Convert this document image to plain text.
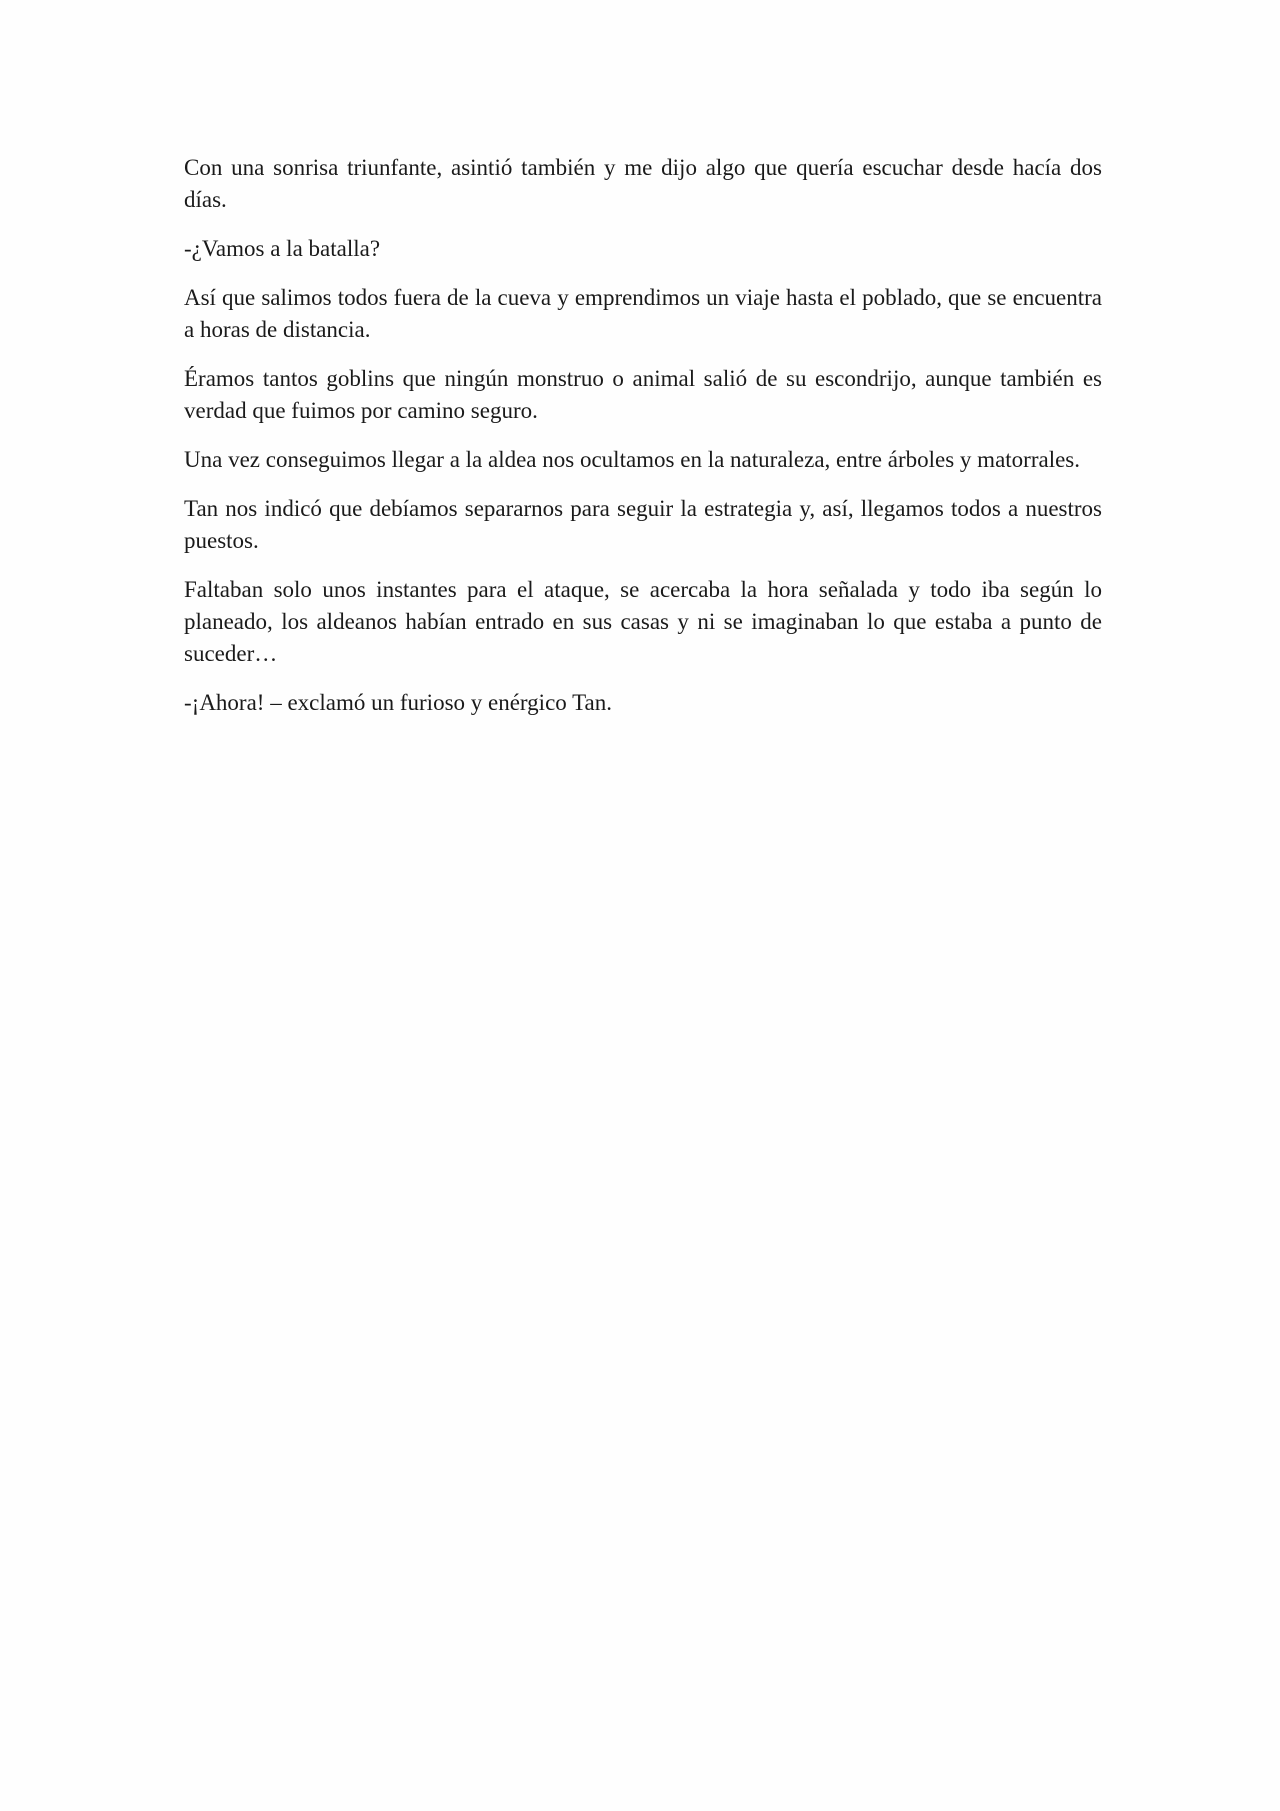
Con una sonrisa triunfante, asintió también y me dijo algo que quería escuchar desde hacía dos días.

-¿Vamos a la batalla?

Así que salimos todos fuera de la cueva y emprendimos un viaje hasta el poblado, que se encuentra a horas de distancia.

Éramos tantos goblins que ningún monstruo o animal salió de su escondrijo, aunque también es verdad que fuimos por camino seguro.

Una vez conseguimos llegar a la aldea nos ocultamos en la naturaleza, entre árboles y matorrales.

Tan nos indicó que debíamos separarnos para seguir la estrategia y, así, llegamos todos a nuestros puestos.

Faltaban solo unos instantes para el ataque, se acercaba la hora señalada y todo iba según lo planeado, los aldeanos habían entrado en sus casas y ni se imaginaban lo que estaba a punto de suceder…

-¡Ahora! – exclamó un furioso y enérgico Tan.
